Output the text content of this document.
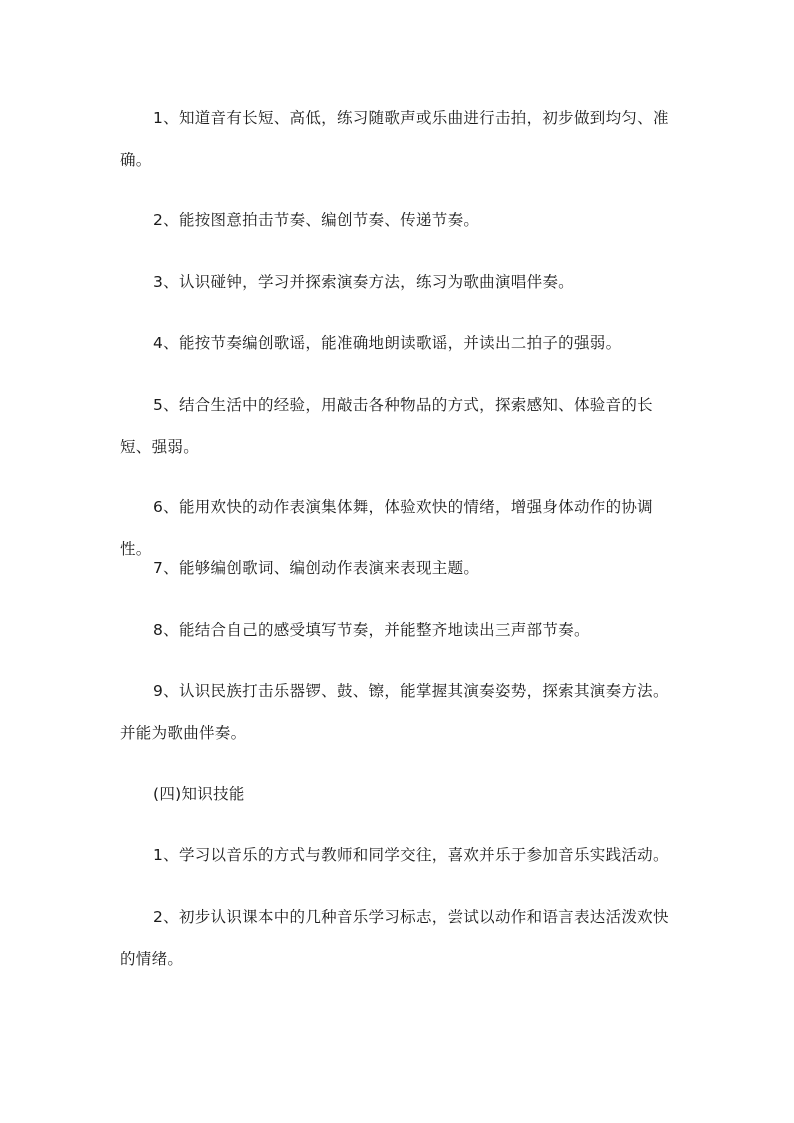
1、知道音有长短、高低，练习随歌声或乐曲进行击拍，初步做到均匀、准确。

2、能按图意拍击节奏、编创节奏、传递节奏。

3、认识碰钟，学习并探索演奏方法，练习为歌曲演唱伴奏。

4、能按节奏编创歌谣，能准确地朗读歌谣，并读出二拍子的强弱。

5、结合生活中的经验，用敲击各种物品的方式，探索感知、体验音的长短、强弱。

6、能用欢快的动作表演集体舞，体验欢快的情绪，增强身体动作的协调性。

7、能够编创歌词、编创动作表演来表现主题。

8、能结合自己的感受填写节奏，并能整齐地读出三声部节奏。

9、认识民族打击乐器锣、鼓、镲，能掌握其演奏姿势，探索其演奏方法。并能为歌曲伴奏。

(四)知识技能

1、学习以音乐的方式与教师和同学交往，喜欢并乐于参加音乐实践活动。

2、初步认识课本中的几种音乐学习标志，尝试以动作和语言表达活泼欢快的情绪。
